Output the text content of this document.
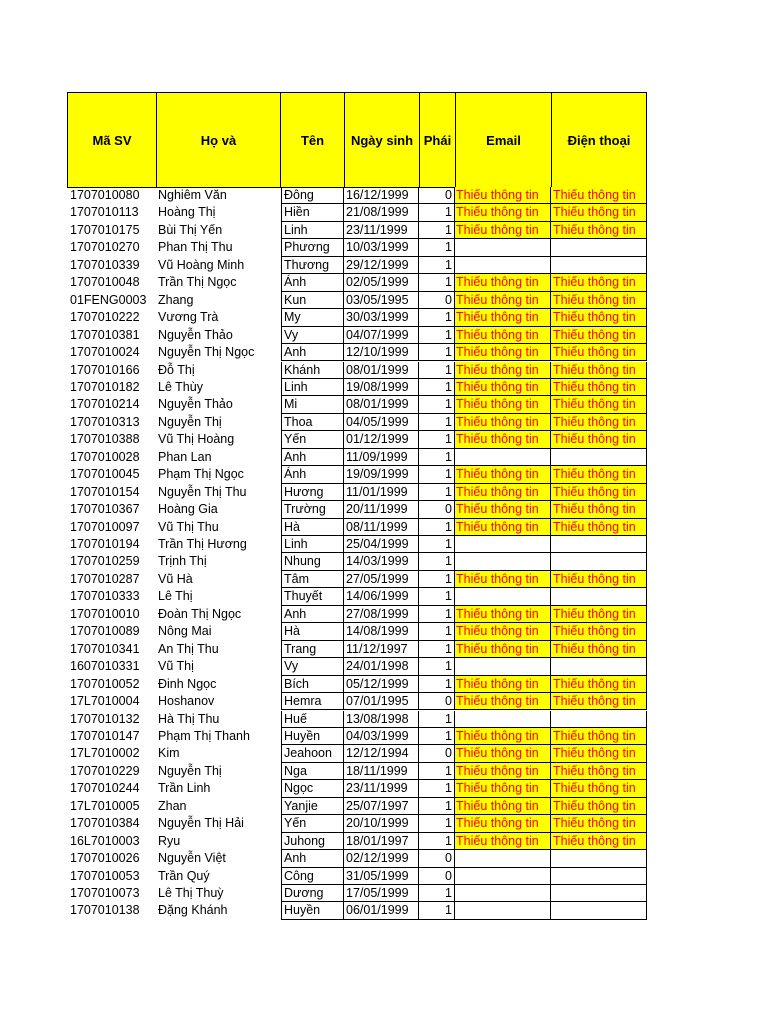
Mã SV	Họ và	Tên	Ngày sinh Phái	Email	Điện thoại
1707010080	Nghiêm Văn	Đông	16/12/1999	0 Thiếu thông tin	Thiếu thông tin
1707010113	Hoàng Thị	Hiền	21/08/1999	1 Thiếu thông tin	Thiếu thông tin
1707010175	Bùi Thị Yến	Linh	23/11/1999	1 Thiếu thông tin	Thiếu thông tin
1707010270	Phan Thị Thu	Phương	10/03/1999	1
1707010339	Vũ Hoàng Minh	Thương	29/12/1999	1
1707010048	Trần Thị Ngọc	Ánh	02/05/1999	1 Thiếu thông tin	Thiếu thông tin
01FENG0003 Zhang	Kun	03/05/1995	0 Thiếu thông tin	Thiếu thông tin
1707010222	Vương Trà	My	30/03/1999	1 Thiếu thông tin	Thiếu thông tin
1707010381	Nguyễn Thảo	Vy	04/07/1999	1 Thiếu thông tin	Thiếu thông tin
1707010024	Nguyễn Thị Ngọc	Anh	12/10/1999	1 Thiếu thông tin	Thiếu thông tin
1707010166	Đỗ Thị	Khánh	08/01/1999	1 Thiếu thông tin	Thiếu thông tin
1707010182	Lê Thùy	Linh	19/08/1999	1 Thiếu thông tin	Thiếu thông tin
1707010214	Nguyễn Thảo	Mi	08/01/1999	1 Thiếu thông tin	Thiếu thông tin
1707010313	Nguyễn Thị	Thoa	04/05/1999	1 Thiếu thông tin	Thiếu thông tin
1707010388	Vũ Thị Hoàng	Yến	01/12/1999	1 Thiếu thông tin	Thiếu thông tin
1707010028	Phan Lan	Anh	11/09/1999	1
1707010045	Phạm Thị Ngọc	Ánh	19/09/1999	1 Thiếu thông tin	Thiếu thông tin
1707010154	Nguyễn Thị Thu	Hương	11/01/1999	1 Thiếu thông tin	Thiếu thông tin
1707010367	Hoàng Gia	Trường	20/11/1999	0 Thiếu thông tin	Thiếu thông tin
1707010097	Vũ Thị Thu	Hà	08/11/1999	1 Thiếu thông tin	Thiếu thông tin
1707010194	Trần Thị Hương	Linh	25/04/1999	1
1707010259	Trịnh Thị	Nhung	14/03/1999	1
1707010287	Vũ Hà	Tâm	27/05/1999	1 Thiếu thông tin	Thiếu thông tin
1707010333	Lê Thị	Thuyết	14/06/1999	1
1707010010	Đoàn Thị Ngọc	Anh	27/08/1999	1 Thiếu thông tin	Thiếu thông tin
1707010089	Nông Mai	Hà	14/08/1999	1 Thiếu thông tin	Thiếu thông tin
1707010341	An Thị Thu	Trang	11/12/1997	1 Thiếu thông tin	Thiếu thông tin
1607010331	Vũ Thị	Vy	24/01/1998	1
1707010052	Đinh Ngọc	Bích	05/12/1999	1 Thiếu thông tin	Thiếu thông tin
17L7010004	Hoshanov	Hemra	07/01/1995	0 Thiếu thông tin	Thiếu thông tin
1707010132	Hà Thị Thu	Huế	13/08/1998	1
1707010147	Phạm Thị Thanh	Huyền	04/03/1999	1 Thiếu thông tin	Thiếu thông tin
17L7010002	Kim	Jeahoon	12/12/1994	0 Thiếu thông tin	Thiếu thông tin
1707010229	Nguyễn Thị	Nga	18/11/1999	1 Thiếu thông tin	Thiếu thông tin
1707010244	Trần Linh	Ngọc	23/11/1999	1 Thiếu thông tin	Thiếu thông tin
17L7010005	Zhan	Yanjie	25/07/1997	1 Thiếu thông tin	Thiếu thông tin
1707010384	Nguyễn Thị Hải	Yến	20/10/1999	1 Thiếu thông tin	Thiếu thông tin
16L7010003	Ryu	Juhong	18/01/1997	1 Thiếu thông tin	Thiếu thông tin
1707010026	Nguyễn Việt	Anh	02/12/1999	0
1707010053	Trần Quý	Công	31/05/1999	0
1707010073	Lê Thị Thuỳ	Dương	17/05/1999	1
1707010138	Đặng Khánh	Huyền	06/01/1999	1
